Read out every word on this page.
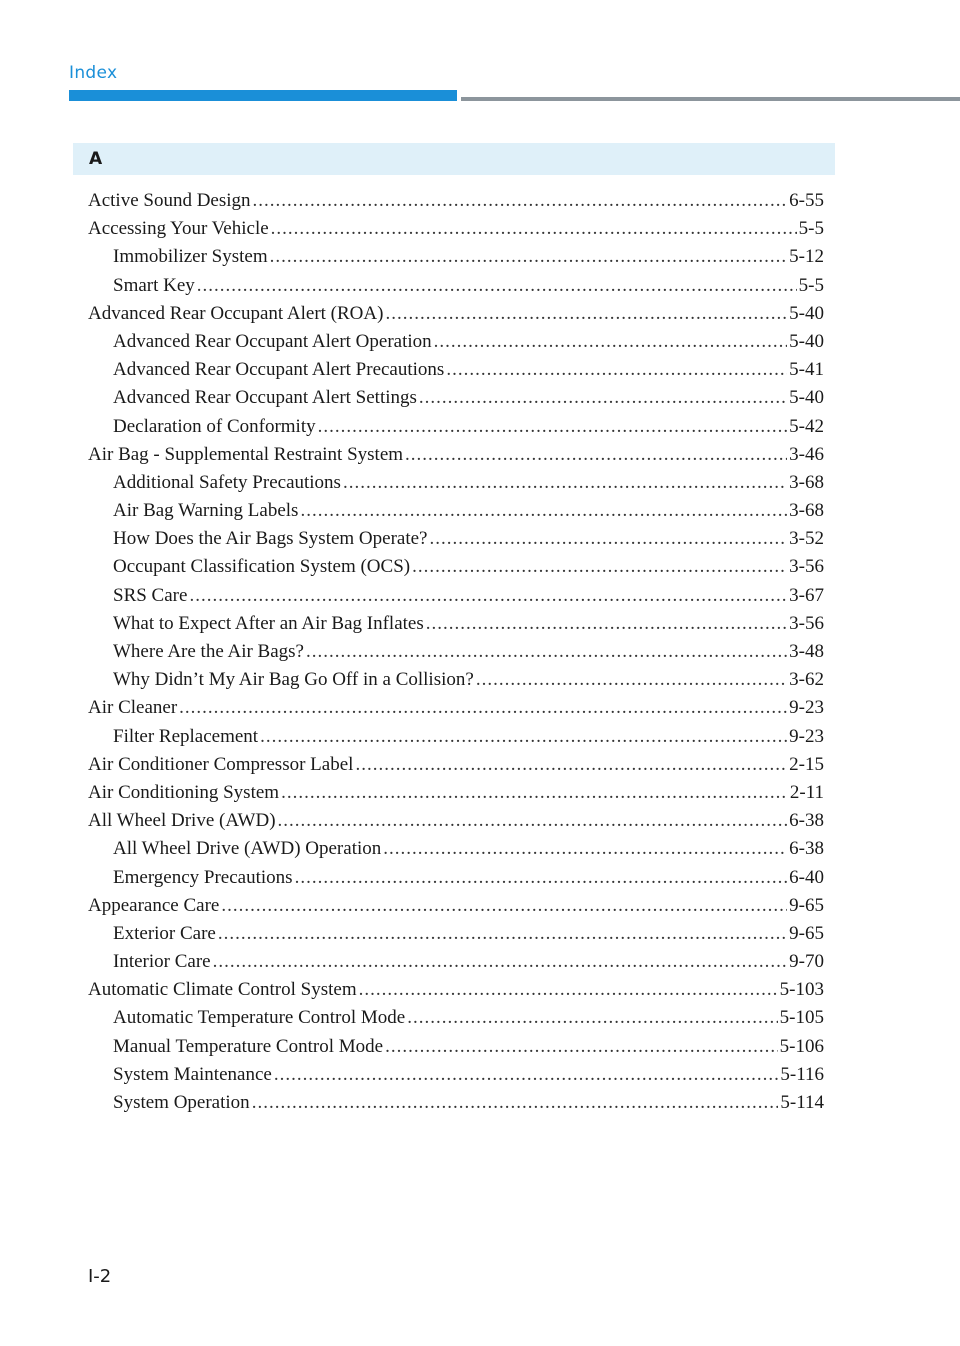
Index
A
Active Sound Design .....	6-55
Accessing Your Vehicle .....	5-5
Immobilizer System .....	5-12
Smart Key .....	5-5
Advanced Rear Occupant Alert (ROA) .....	5-40
Advanced Rear Occupant Alert Operation .....	5-40
Advanced Rear Occupant Alert Precautions .....	5-41
Advanced Rear Occupant Alert Settings .....	5-40
Declaration of Conformity .....	5-42
Air Bag - Supplemental Restraint System .....	3-46
Additional Safety Precautions .....	3-68
Air Bag Warning Labels .....	3-68
How Does the Air Bags System Operate? .....	3-52
Occupant Classification System (OCS) .....	3-56
SRS Care .....	3-67
What to Expect After an Air Bag Inflates .....	3-56
Where Are the Air Bags? .....	3-48
Why Didn’t My Air Bag Go Off in a Collision? .....	3-62
Air Cleaner .....	9-23
Filter Replacement .....	9-23
Air Conditioner Compressor Label .....	2-15
Air Conditioning System .....	2-11
All Wheel Drive (AWD) .....	6-38
All Wheel Drive (AWD) Operation .....	6-38
Emergency Precautions .....	6-40
Appearance Care .....	9-65
Exterior Care .....	9-65
Interior Care .....	9-70
Automatic Climate Control System .....	5-103
Automatic Temperature Control Mode .....	5-105
Manual Temperature Control Mode .....	5-106
System Maintenance .....	5-116
System Operation .....	5-114
I-2
